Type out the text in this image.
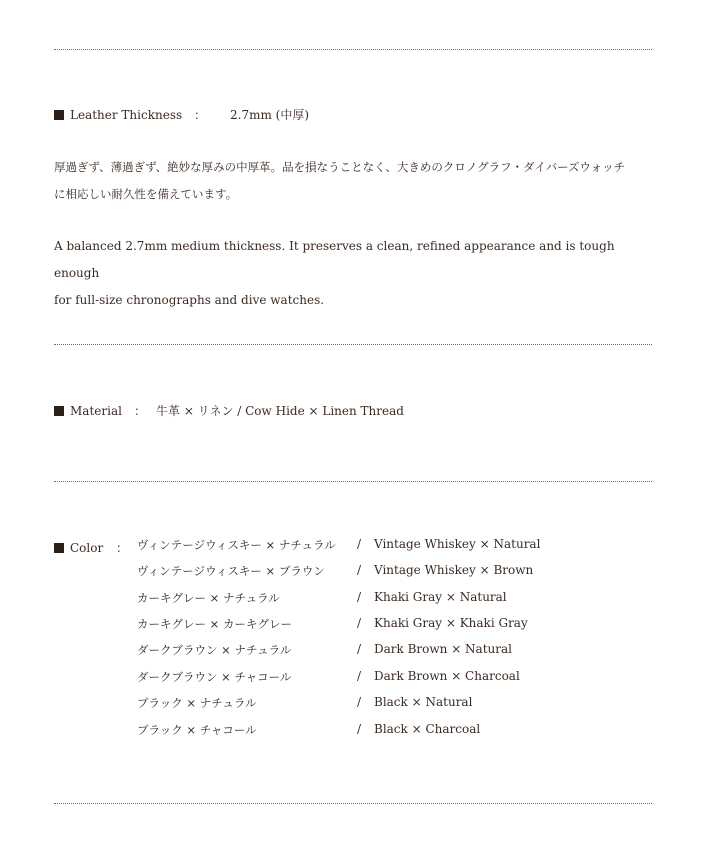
Leather Thickness ：	2.7mm (中厚)
厚過ぎず、薄過ぎず、絶妙な厚みの中厚革。品を損なうことなく、大きめのクロノグラフ・ダイバーズウォッチ
に相応しい耐久性を備えています。
A balanced 2.7mm medium thickness. It preserves a clean, refined appearance and is tough enough
for full-size chronographs and dive watches.
Material	： 牛革 × リネン / Cow Hide × Linen Thread
Color	： ヴィンテージウィスキー × ナチュラル / Vintage Whiskey × Natural
ヴィンテージウィスキー × ブラウン	/ Vintage Whiskey × Brown
カーキグレー × ナチュラル	/ Khaki Gray × Natural
カーキグレー × カーキグレー	/ Khaki Gray × Khaki Gray
ダークブラウン × ナチュラル	/ Dark Brown × Natural
ダークブラウン × チャコール	/ Dark Brown × Charcoal
ブラック × ナチュラル	/ Black × Natural
ブラック × チャコール	/ Black × Charcoal
